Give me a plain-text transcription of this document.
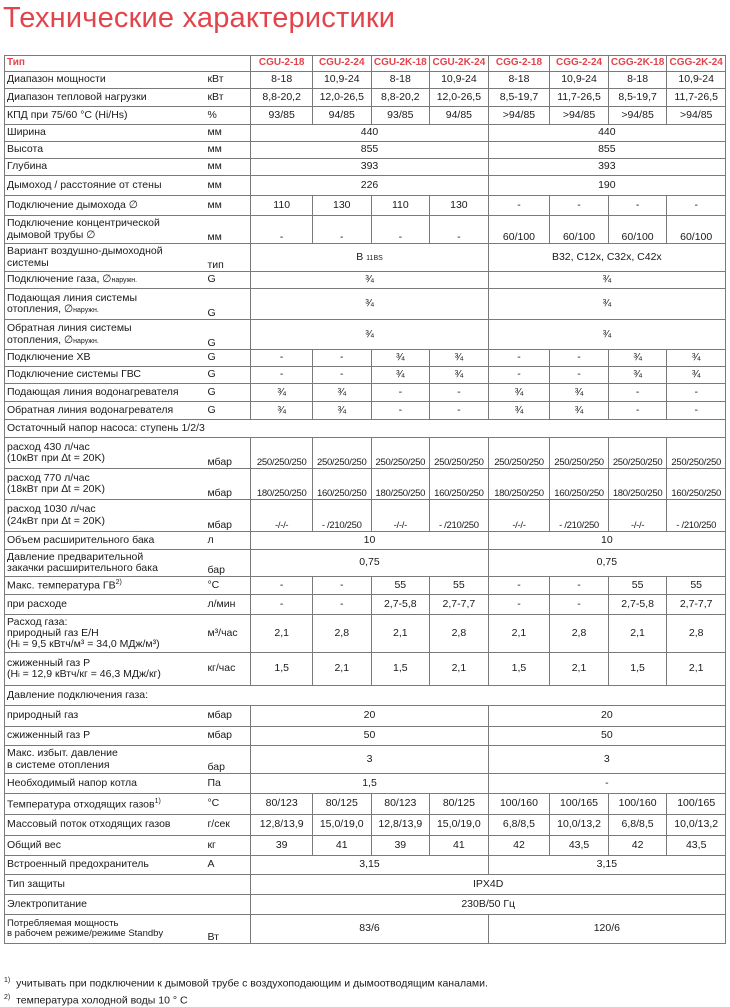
Технические характеристики
Тип		CGU-2-18	CGU-2-24	CGU-2K-18	CGU-2K-24	CGG-2-18	CGG-2-24	CGG-2K-18	CGG-2K-24
Диапазон мощности	кВт	8-18	10,9-24	8-18	10,9-24	8-18	10,9-24	8-18	10,9-24
Диапазон тепловой нагрузки	кВт	8,8-20,2	12,0-26,5	8,8-20,2	12,0-26,5	8,5-19,7	11,7-26,5	8,5-19,7	11,7-26,5
КПД при 75/60 °C (Hi/Hs)	%	93/85	94/85	93/85	94/85	>94/85	>94/85	>94/85	>94/85
Ширина	мм	440				440			
Высота	мм	855				855			
Глубина	мм	393				393			
Дымоход / расстояние от стены	мм	226				190			
Подключение дымохода ∅	мм	110	130	110	130	-	-	-	-
Подключение концентрической
дымовой трубы ∅	мм	-	-	-	-	60/100	60/100	60/100	60/100
Вариант воздушно-дымоходной
системы	тип	B 11BS				B32, C12x, C32x, C42x			
Подключение газа, ∅наружн.	G	¾				¾			
Подающая линия системы
отопления, ∅наружн.	G	¾				¾			
Обратная линия системы
отопления, ∅наружн.	G	¾				¾			
Подключение ХВ	G	-	-	¾	¾	-	-	¾	¾
Подключение системы ГВС	G	-	-	¾	¾	-	-	¾	¾
Подающая линия водонагревателя	G	¾	¾	-	-	¾	¾	-	-
Обратная линия водонагревателя	G	¾	¾	-	-	¾	¾	-	-
Остаточный напор насоса: ступень 1/2/3									
расход 430 л/час
(10кВт при ∆t = 20K)	мбар	250/250/250	250/250/250	250/250/250	250/250/250	250/250/250	250/250/250	250/250/250	250/250/250
расход 770 л/час
(18кВт при ∆t = 20K)	мбар	180/250/250	160/250/250	180/250/250	160/250/250	180/250/250	160/250/250	180/250/250	160/250/250
расход 1030 л/час
(24кВт при ∆t = 20K)	мбар	-/-/-	- /210/250	-/-/-	- /210/250	-/-/-	- /210/250	-/-/-	- /210/250
Объем расширительного бака	л	10				10			
Давление предварительной
закачки расширительного бака	бар	0,75				0,75			
Макс. температура ГВ$^{2)}$	°C	-	-	55	55	-	-	55	55
при расходе	л/мин	-	-	2,7-5,8	2,7-7,7	-	-	2,7-5,8	2,7-7,7
Расход газа:
природный газ E/H
(Hi = 9,5 кВтч/м³ = 34,0 МДж/м³)	м³/час	2,1	2,8	2,1	2,8	2,1	2,8	2,1	2,8
сжиженный газ P
(Hi = 12,9 кВтч/кг = 46,3 МДж/кг)	кг/час	1,5	2,1	1,5	2,1	1,5	2,1	1,5	2,1
Давление подключения газа:									
природный газ	мбар	20				20			
сжиженный газ P	мбар	50				50			
Макс. избыт. давление
в системе отопления	бар	3				3			
Необходимый напор котла	Па	1,5				-			
Температура отходящих газов$^{1)}$	°C	80/123	80/125	80/123	80/125	100/160	100/165	100/160	100/165
Массовый поток отходящих газов	г/сек	12,8/13,9	15,0/19,0	12,8/13,9	15,0/19,0	6,8/8,5	10,0/13,2	6,8/8,5	10,0/13,2
Общий вес	кг	39	41	39	41	42	43,5	42	43,5
Встроенный предохранитель	A	3,15				3,15			
Тип защиты		IPX4D							
Электропитание		230В/50 Гц							
Потребляемая мощность
в рабочем режиме/режиме Standby	Вт	83/6				120/6			
$^{1)}$ учитывать при подключении к дымовой трубе с воздухоподающим и дымоотводящим каналами.
$^{2)}$ температура холодной воды 10 ° C
